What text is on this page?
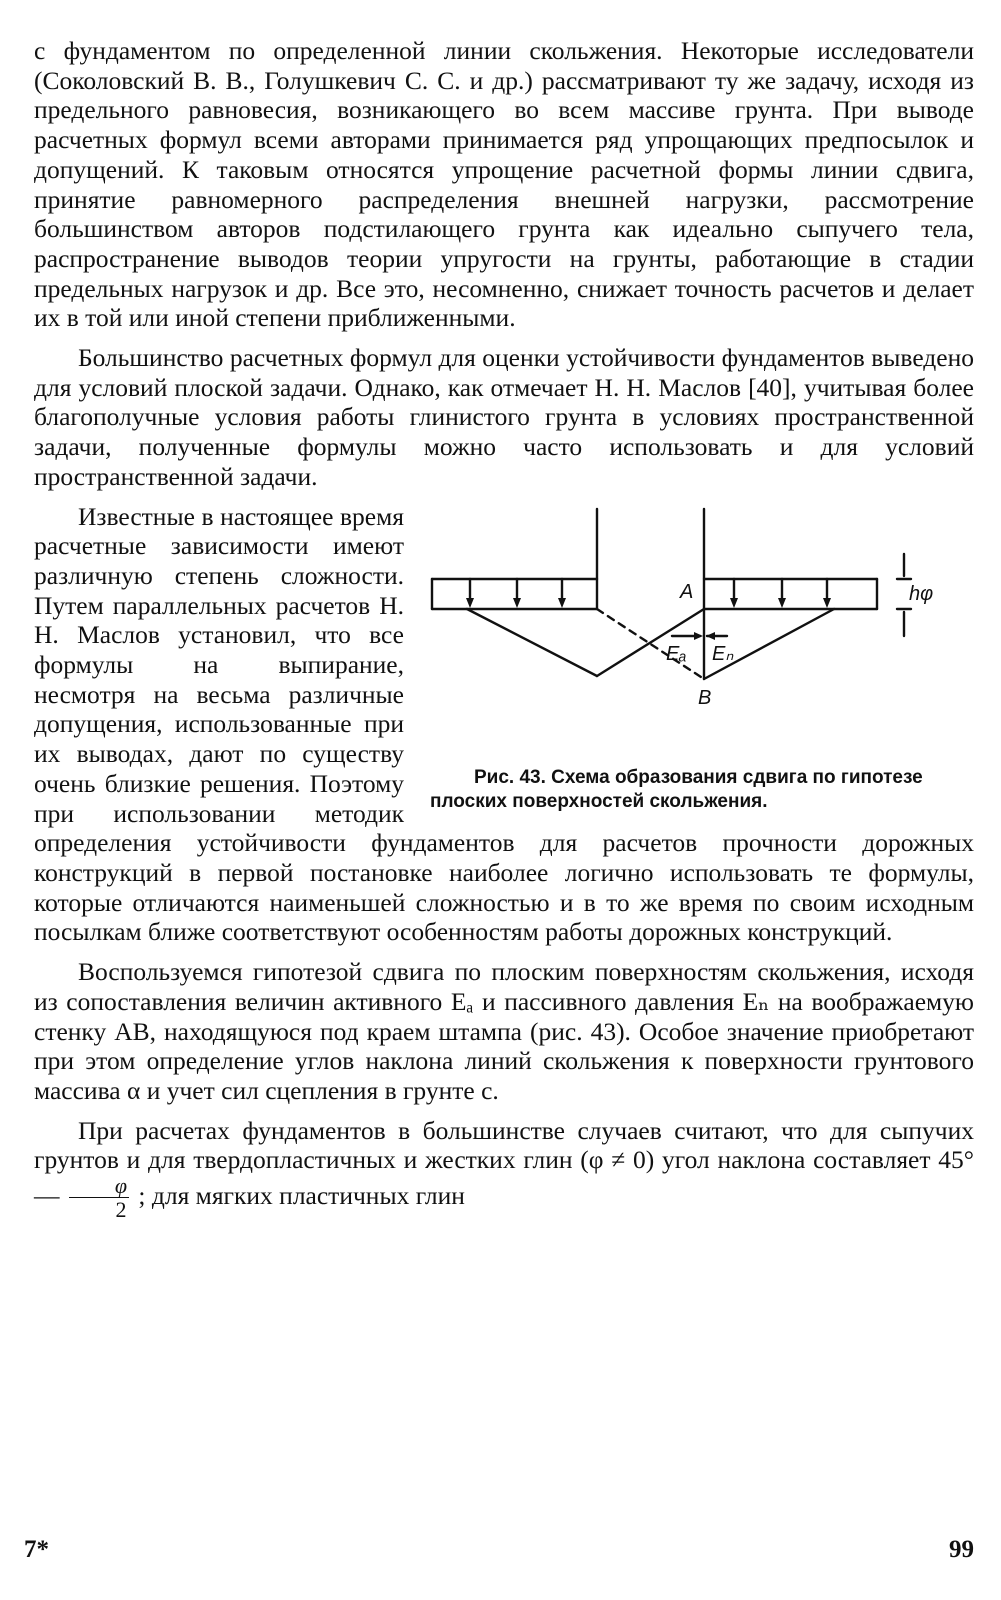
с фундаментом по определенной линии скольжения. Некоторые исследователи (Соколовский В. В., Голушкевич С. С. и др.) рассматривают ту же задачу, исходя из предельного равновесия, возникающего во всем массиве грунта. При выводе расчетных формул всеми авторами принимается ряд упрощающих предпосылок и допущений. К таковым относятся упрощение расчетной формы линии сдвига, принятие равномерного распределения внешней нагрузки, рассмотрение большинством авторов подстилающего грунта как идеально сыпучего тела, распространение выводов теории упругости на грунты, работающие в стадии предельных нагрузок и др. Все это, несомненно, снижает точность расчетов и делает их в той или иной степени приближенными.

Большинство расчетных формул для оценки устойчивости фундаментов выведено для условий плоской задачи. Однако, как отмечает Н. Н. Маслов [40], учитывая более благополучные условия работы глинистого грунта в условиях пространственной задачи, полученные формулы можно часто использовать и для условий пространственной задачи.

A
B
Eₐ Eₙ
hφ
Рис. 43. Схема образования сдвига по гипотезе плоских поверхностей скольжения.
Известные в настоящее время расчетные зависимости имеют различную степень сложности. Путем параллельных расчетов Н. Н. Маслов установил, что все формулы на выпирание, несмотря на весьма различные допущения, использованные при их выводах, дают по существу очень близкие решения. Поэтому при использовании методик определения устойчивости фундаментов для расчетов прочности дорожных конструкций в первой постановке наиболее логично использовать те формулы, которые отличаются наименьшей сложностью и в то же время по своим исходным посылкам ближе соответствуют особенностям работы дорожных конструкций.

Воспользуемся гипотезой сдвига по плоским поверхностям скольжения, исходя из сопоставления величин активного Eₐ и пассивного давления Eₙ на воображаемую стенку AB, находящуюся под краем штампа (рис. 43). Особое значение приобретают при этом определение углов наклона линий скольжения к поверхности грунтового массива α и учет сил сцепления в грунте c.

При расчетах фундаментов в большинстве случаев считают, что для сыпучих грунтов и для твердопластичных и жестких глин (φ ≠ 0) угол наклона составляет 45° — $\frac{\varphi}{2}$ ; для мягких пластичных глин

7*	99
